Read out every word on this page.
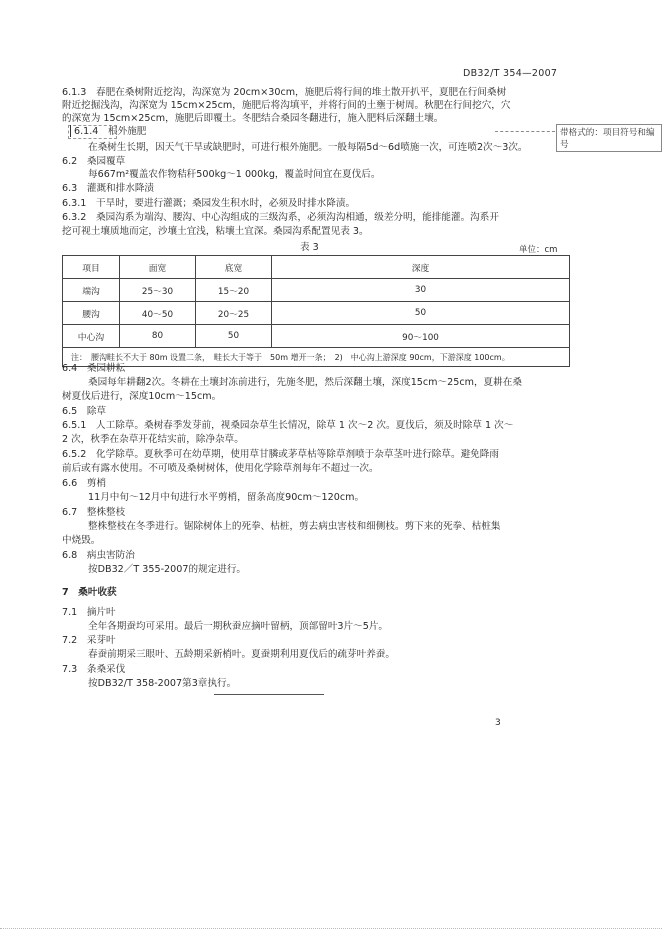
DB32/T 354—2007
6.1.3　春肥在桑树附近挖沟，沟深宽为 20cm×30cm，施肥后将行间的堆土散开扒平，夏肥在行间桑树
附近挖掘浅沟，沟深宽为 15cm×25cm，施肥后将沟填平，并将行间的土壅于树周。秋肥在行间挖穴，穴
的深宽为 15cm×25cm，施肥后即覆土。冬肥结合桑园冬翻进行，施入肥料后深翻土壤。
6.1.4　根外施肥	带格式的：项目符号和编号
在桑树生长期，因天气干旱或缺肥时，可进行根外施肥。一般每隔5d～6d喷施一次，可连喷2次～3次。
6.2　桑园覆草
每667m²覆盖农作物秸秆500kg～1 000kg，覆盖时间宜在夏伐后。
6.3　灌溉和排水降渍
6.3.1　干旱时，要进行灌溉；桑园发生积水时，必须及时排水降渍。
6.3.2　桑园沟系为端沟、腰沟、中心沟组成的三级沟系，必须沟沟相通，级差分明，能排能灌。沟系开
挖可视土壤质地而定，沙壤土宜浅，粘壤土宜深。桑园沟系配置见表 3。
表 3	单位：cm
项目	面宽	底宽	深度
端沟	25～30	15～20	30
腰沟	40～50	20～25	50
中心沟	80	50	90～100
注：　腰沟畦长不大于 80m 设置二条，　畦长大于等于　50m 增开一条；　2)　中心沟上游深度 90cm，下游深度 100cm。			
6.4　桑园耕耘
桑园每年耕翻2次。冬耕在土壤封冻前进行，先施冬肥，然后深翻土壤，深度15cm～25cm，夏耕在桑
树夏伐后进行，深度10cm～15cm。
6.5　除草
6.5.1　人工除草。桑树春季发芽前，视桑园杂草生长情况，除草 1 次～2 次。夏伐后，须及时除草 1 次～
2 次，秋季在杂草开花结实前，除净杂草。
6.5.2　化学除草。夏秋季可在幼草期，使用草甘膦或茅草枯等除草剂喷于杂草茎叶进行除草。避免降雨
前后或有露水使用。不可喷及桑树树体，使用化学除草剂每年不超过一次。
6.6　剪梢
11月中旬～12月中旬进行水平剪梢，留条高度90cm～120cm。
6.7　整株整枝
整株整枝在冬季进行。锯除树体上的死拳、枯桩，剪去病虫害枝和细侧枝。剪下来的死拳、枯桩集
中烧毁。
6.8　病虫害防治
按DB32／T 355-2007的规定进行。
7　桑叶收获
7.1　摘片叶
全年各期蚕均可采用。最后一期秋蚕应摘叶留柄，顶部留叶3片～5片。
7.2　采芽叶
春蚕前期采三眼叶、五龄期采新梢叶。夏蚕期利用夏伐后的疏芽叶养蚕。
7.3　条桑采伐
按DB32/T 358-2007第3章执行。
3
